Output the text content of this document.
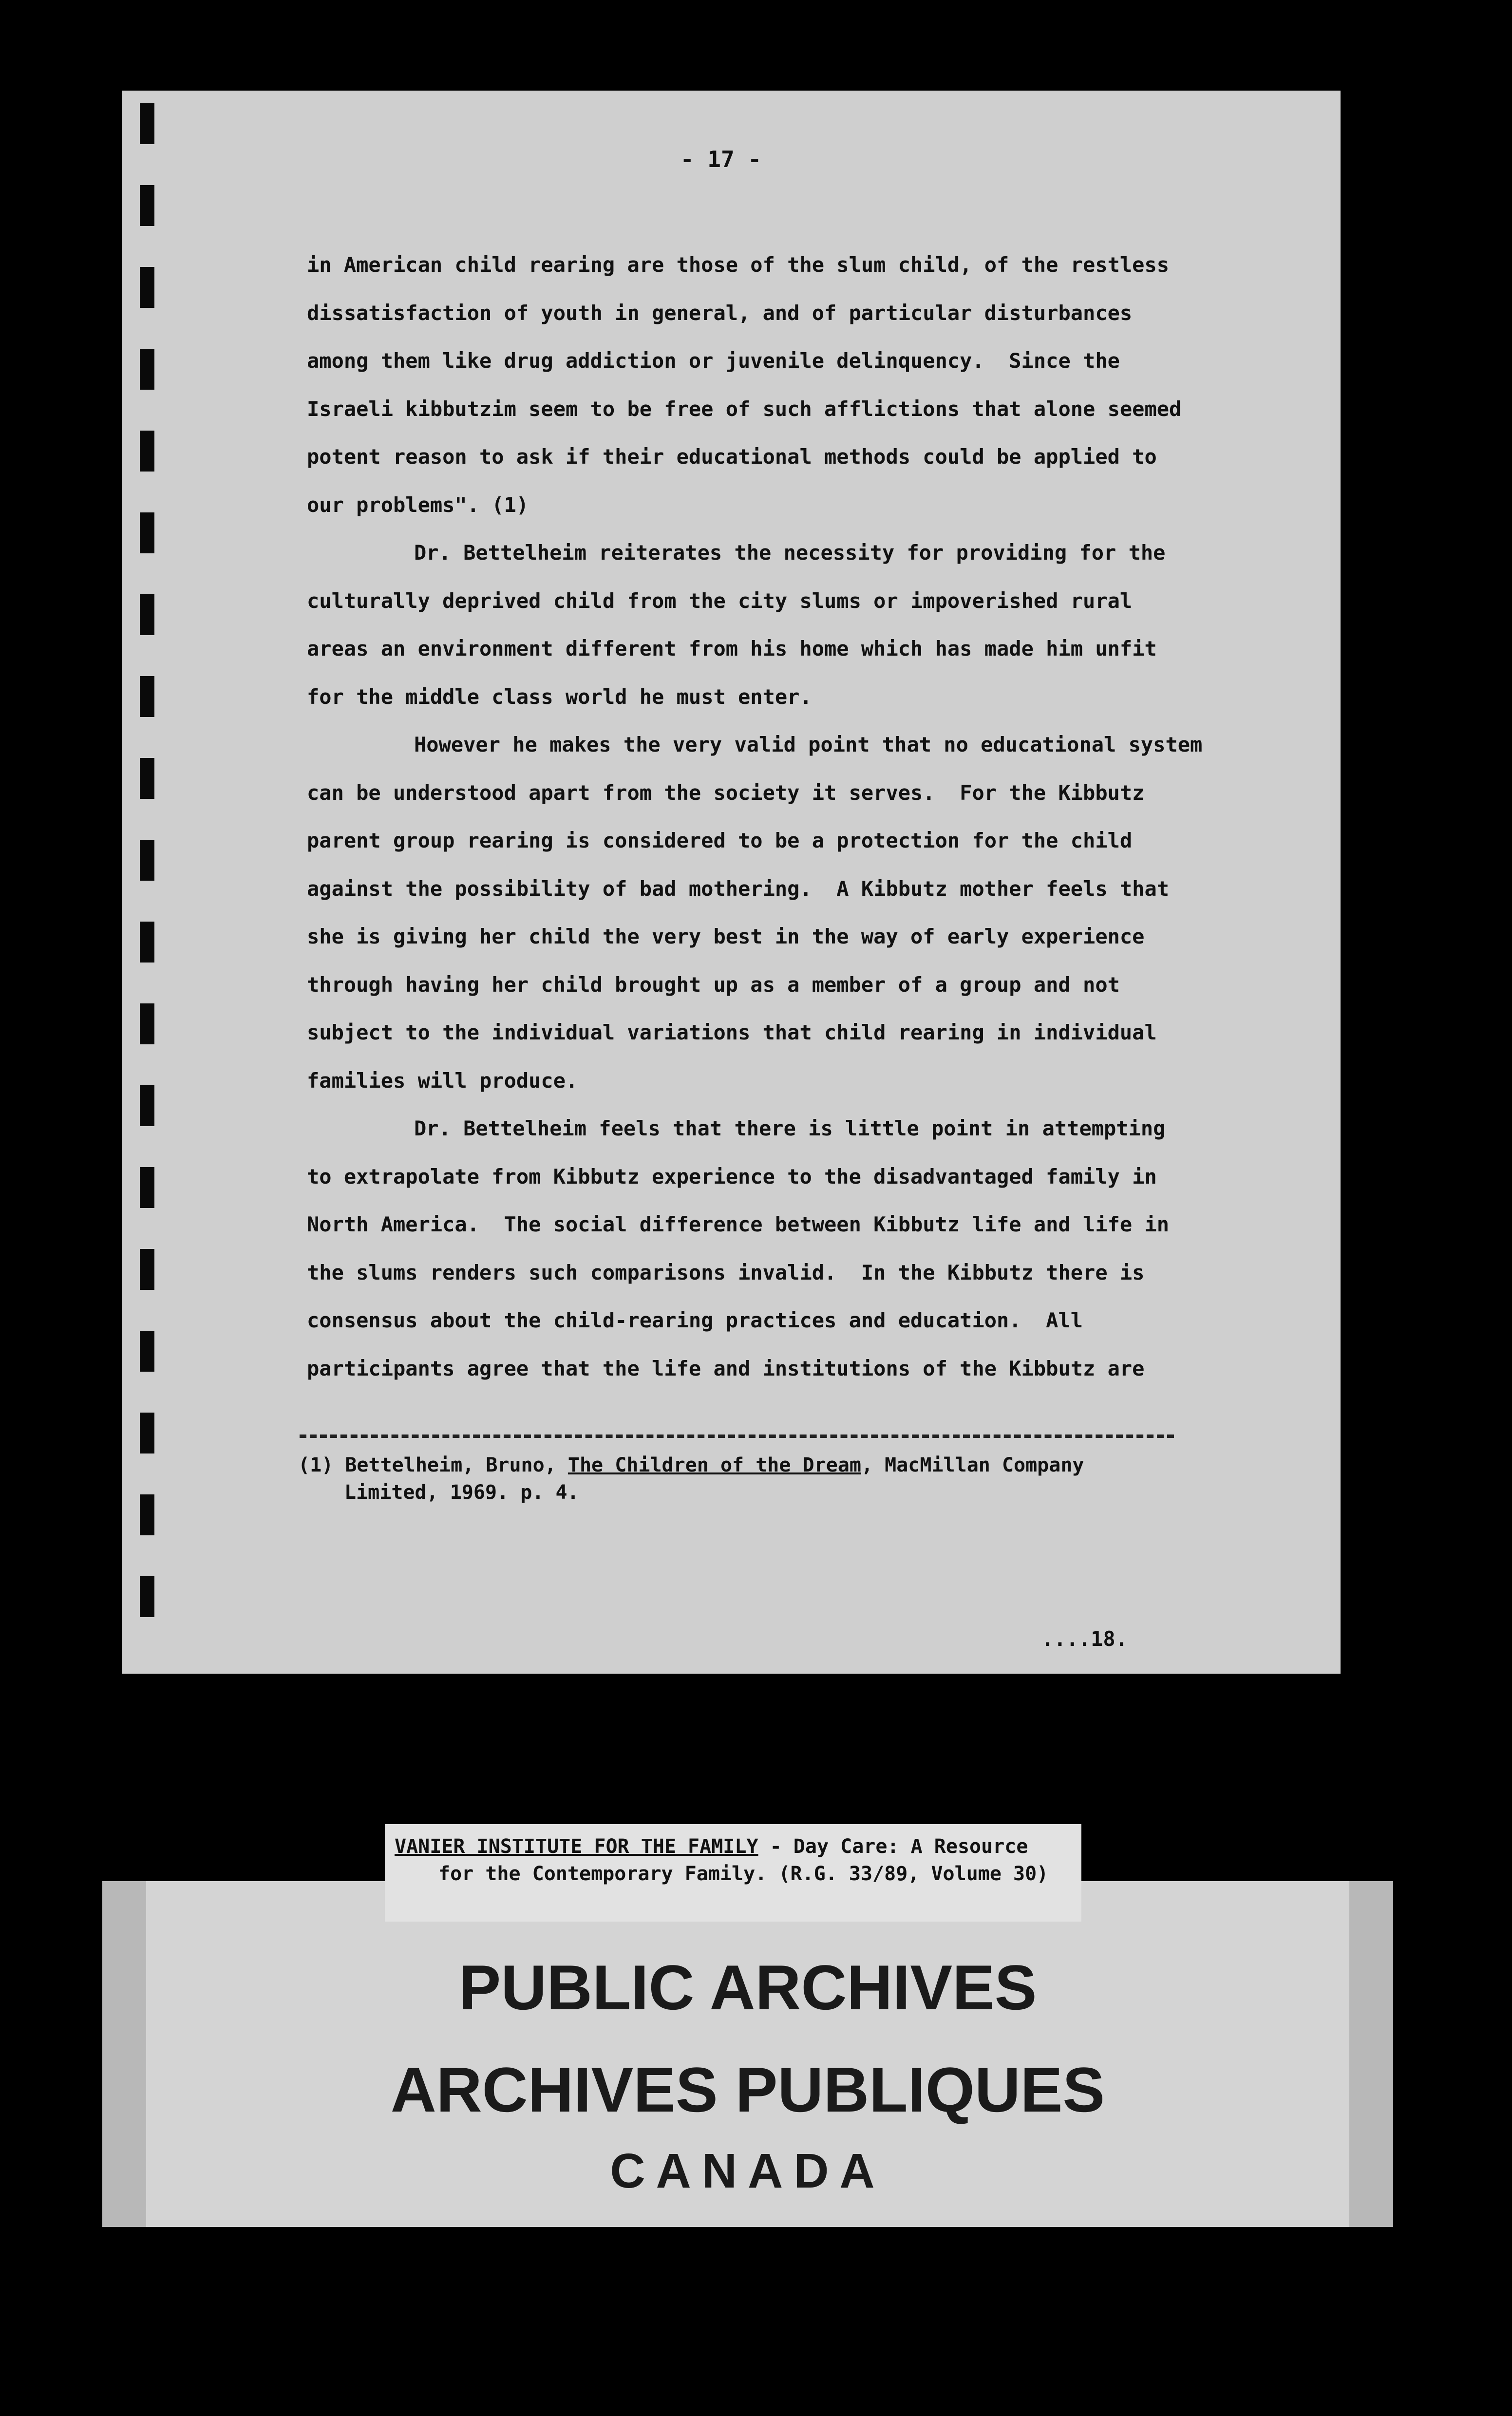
- 17 -
in American child rearing are those of the slum child, of the restless
dissatisfaction of youth in general, and of particular disturbances
among them like drug addiction or juvenile delinquency.  Since the
Israeli kibbutzim seem to be free of such afflictions that alone seemed
potent reason to ask if their educational methods could be applied to
our problems". (1)
Dr. Bettelheim reiterates the necessity for providing for the
culturally deprived child from the city slums or impoverished rural
areas an environment different from his home which has made him unfit
for the middle class world he must enter.
However he makes the very valid point that no educational system
can be understood apart from the society it serves.  For the Kibbutz
parent group rearing is considered to be a protection for the child
against the possibility of bad mothering.  A Kibbutz mother feels that
she is giving her child the very best in the way of early experience
through having her child brought up as a member of a group and not
subject to the individual variations that child rearing in individual
families will produce.
Dr. Bettelheim feels that there is little point in attempting
to extrapolate from Kibbutz experience to the disadvantaged family in
North America.  The social difference between Kibbutz life and life in
the slums renders such comparisons invalid.  In the Kibbutz there is
consensus about the child-rearing practices and education.  All
participants agree that the life and institutions of the Kibbutz are
(1) Bettelheim, Bruno, The Children of the Dream, MacMillan Company
Limited, 1969. p. 4.
....18.
VANIER INSTITUTE FOR THE FAMILY - Day Care: A Resource
for the Contemporary Family. (R.G. 33/89, Volume 30)
PUBLIC ARCHIVES
ARCHIVES PUBLIQUES
CANADA
